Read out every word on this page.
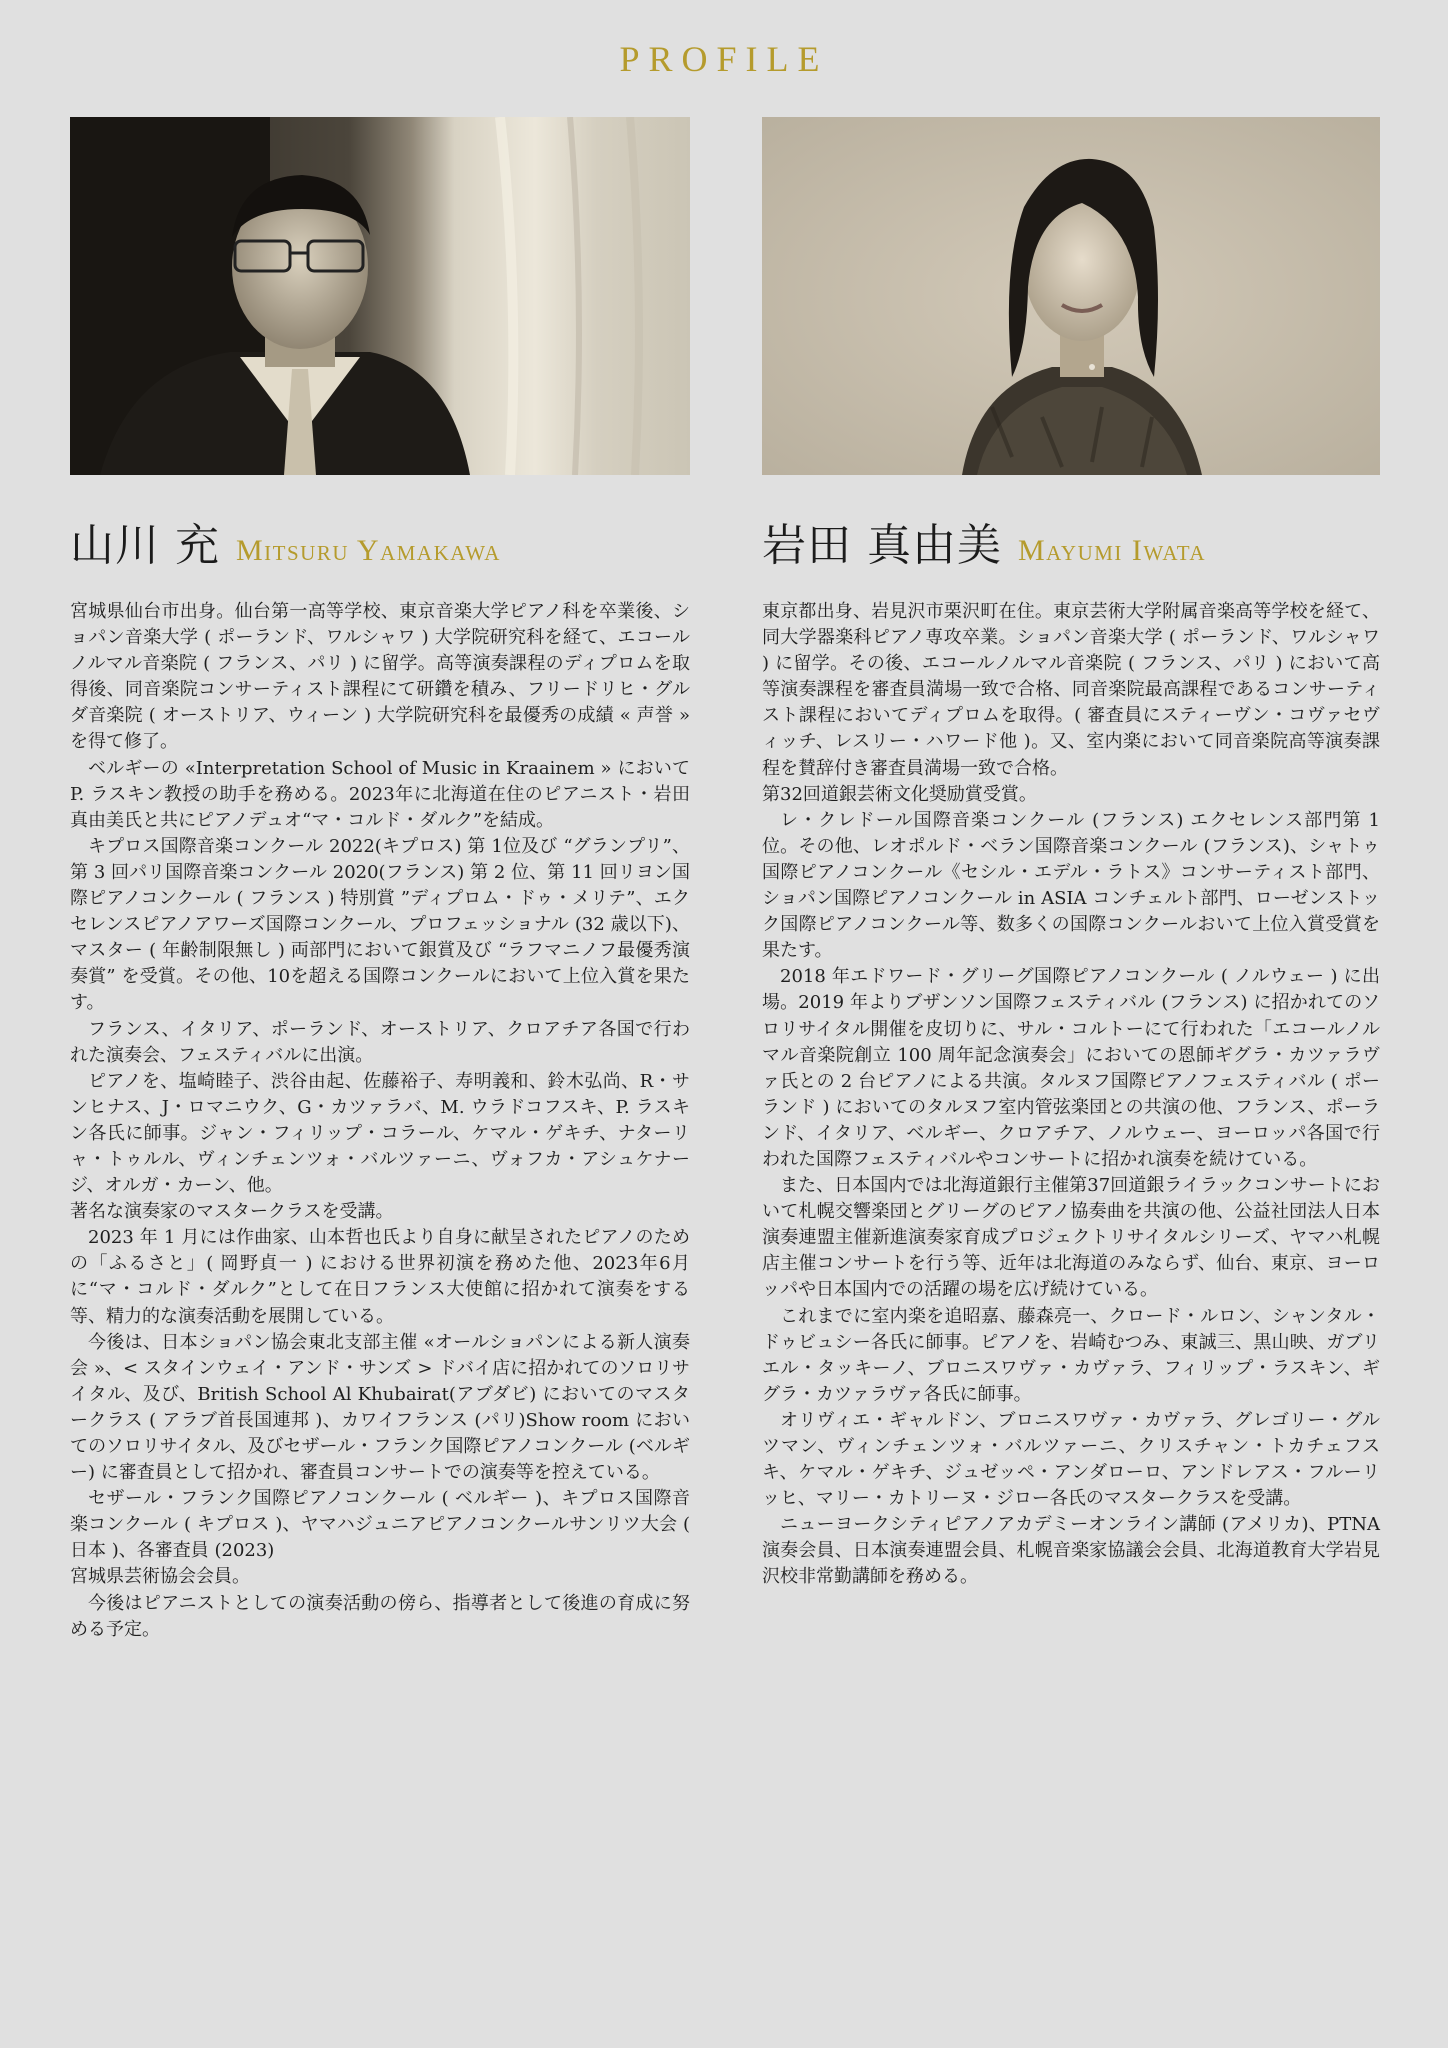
PROFILE
山川 充 Mitsuru Yamakawa

宮城県仙台市出身。仙台第一高等学校、東京音楽大学ピアノ科を卒業後、ショパン音楽大学 ( ポーランド、ワルシャワ ) 大学院研究科を経て、エコールノルマル音楽院 ( フランス、パリ ) に留学。高等演奏課程のディプロムを取得後、同音楽院コンサーティスト課程にて研鑽を積み、フリードリヒ・グルダ音楽院 ( オーストリア、ウィーン ) 大学院研究科を最優秀の成績 « 声誉 » を得て修了。

ベルギーの «Interpretation School of Music in Kraainem » において P. ラスキン教授の助手を務める。2023年に北海道在住のピアニスト・岩田真由美氏と共にピアノデュオ“マ・コルド・ダルク”を結成。

キプロス国際音楽コンクール 2022(キプロス) 第 1位及び “グランプリ”、第 3 回パリ国際音楽コンクール 2020(フランス) 第 2 位、第 11 回リヨン国際ピアノコンクール ( フランス ) 特別賞 ”ディプロム・ドゥ・メリテ”、エクセレンスピアノアワーズ国際コンクール、プロフェッショナル (32 歳以下)、マスター ( 年齢制限無し ) 両部門において銀賞及び “ラフマニノフ最優秀演奏賞” を受賞。その他、10を超える国際コンクールにおいて上位入賞を果たす。

フランス、イタリア、ポーランド、オーストリア、クロアチア各国で行われた演奏会、フェスティバルに出演。

ピアノを、塩崎睦子、渋谷由起、佐藤裕子、寿明義和、鈴木弘尚、R・サンヒナス、J・ロマニウク、G・カツァラバ、M. ウラドコフスキ、P. ラスキン各氏に師事。ジャン・フィリップ・コラール、ケマル・ゲキチ、ナターリャ・トゥルル、ヴィンチェンツォ・バルツァーニ、ヴォフカ・アシュケナージ、オルガ・カーン、他。

著名な演奏家のマスタークラスを受講。

2023 年 1 月には作曲家、山本哲也氏より自身に献呈されたピアノのための「ふるさと」( 岡野貞一 ) における世界初演を務めた他、2023年6月に“マ・コルド・ダルク”として在日フランス大使館に招かれて演奏をする等、精力的な演奏活動を展開している。

今後は、日本ショパン協会東北支部主催 «オールショパンによる新人演奏会 »、< スタインウェイ・アンド・サンズ > ドバイ店に招かれてのソロリサイタル、及び、British School Al Khubairat(アブダビ) においてのマスタークラス ( アラブ首長国連邦 )、カワイフランス (パリ)Show room においてのソロリサイタル、及びセザール・フランク国際ピアノコンクール (ベルギー) に審査員として招かれ、審査員コンサートでの演奏等を控えている。

セザール・フランク国際ピアノコンクール ( ベルギー )、キプロス国際音楽コンクール ( キプロス )、ヤマハジュニアピアノコンクールサンリツ大会 ( 日本 )、各審査員 (2023)

宮城県芸術協会会員。

今後はピアニストとしての演奏活動の傍ら、指導者として後進の育成に努める予定。

岩田 真由美 Mayumi Iwata

東京都出身、岩見沢市栗沢町在住。東京芸術大学附属音楽高等学校を経て、同大学器楽科ピアノ専攻卒業。ショパン音楽大学 ( ポーランド、ワルシャワ ) に留学。その後、エコールノルマル音楽院 ( フランス、パリ ) において高等演奏課程を審査員満場一致で合格、同音楽院最高課程であるコンサーティスト課程においてディプロムを取得。( 審査員にスティーヴン・コヴァセヴィッチ、レスリー・ハワード他 )。又、室内楽において同音楽院高等演奏課程を賛辞付き審査員満場一致で合格。

第32回道銀芸術文化奨励賞受賞。

レ・クレドール国際音楽コンクール (フランス) エクセレンス部門第 1 位。その他、レオポルド・ベラン国際音楽コンクール (フランス)、シャトゥ国際ピアノコンクール《セシル・エデル・ラトス》コンサーティスト部門、ショパン国際ピアノコンクール in ASIA コンチェルト部門、ローゼンストック国際ピアノコンクール等、数多くの国際コンクールおいて上位入賞受賞を果たす。

2018 年エドワード・グリーグ国際ピアノコンクール ( ノルウェー ) に出場。2019 年よりブザンソン国際フェスティバル (フランス) に招かれてのソロリサイタル開催を皮切りに、サル・コルトーにて行われた「エコールノルマル音楽院創立 100 周年記念演奏会」においての恩師ギグラ・カツァラヴァ氏との 2 台ピアノによる共演。タルヌフ国際ピアノフェスティバル ( ポーランド ) においてのタルヌフ室内管弦楽団との共演の他、フランス、ポーランド、イタリア、ベルギー、クロアチア、ノルウェー、ヨーロッパ各国で行われた国際フェスティバルやコンサートに招かれ演奏を続けている。

また、日本国内では北海道銀行主催第37回道銀ライラックコンサートにおいて札幌交響楽団とグリーグのピアノ協奏曲を共演の他、公益社団法人日本演奏連盟主催新進演奏家育成プロジェクトリサイタルシリーズ、ヤマハ札幌店主催コンサートを行う等、近年は北海道のみならず、仙台、東京、ヨーロッパや日本国内での活躍の場を広げ続けている。

これまでに室内楽を追昭嘉、藤森亮一、クロード・ルロン、シャンタル・ドゥビュシー各氏に師事。ピアノを、岩崎むつみ、東誠三、黒山映、ガブリエル・タッキーノ、ブロニスワヴァ・カヴァラ、フィリップ・ラスキン、ギグラ・カツァラヴァ各氏に師事。

オリヴィエ・ギャルドン、ブロニスワヴァ・カヴァラ、グレゴリー・グルツマン、ヴィンチェンツォ・バルツァーニ、クリスチャン・トカチェフスキ、ケマル・ゲキチ、ジュゼッペ・アンダローロ、アンドレアス・フルーリッヒ、マリー・カトリーヌ・ジロー各氏のマスタークラスを受講。

ニューヨークシティピアノアカデミーオンライン講師 (アメリカ)、PTNA 演奏会員、日本演奏連盟会員、札幌音楽家協議会会員、北海道教育大学岩見沢校非常勤講師を務める。
